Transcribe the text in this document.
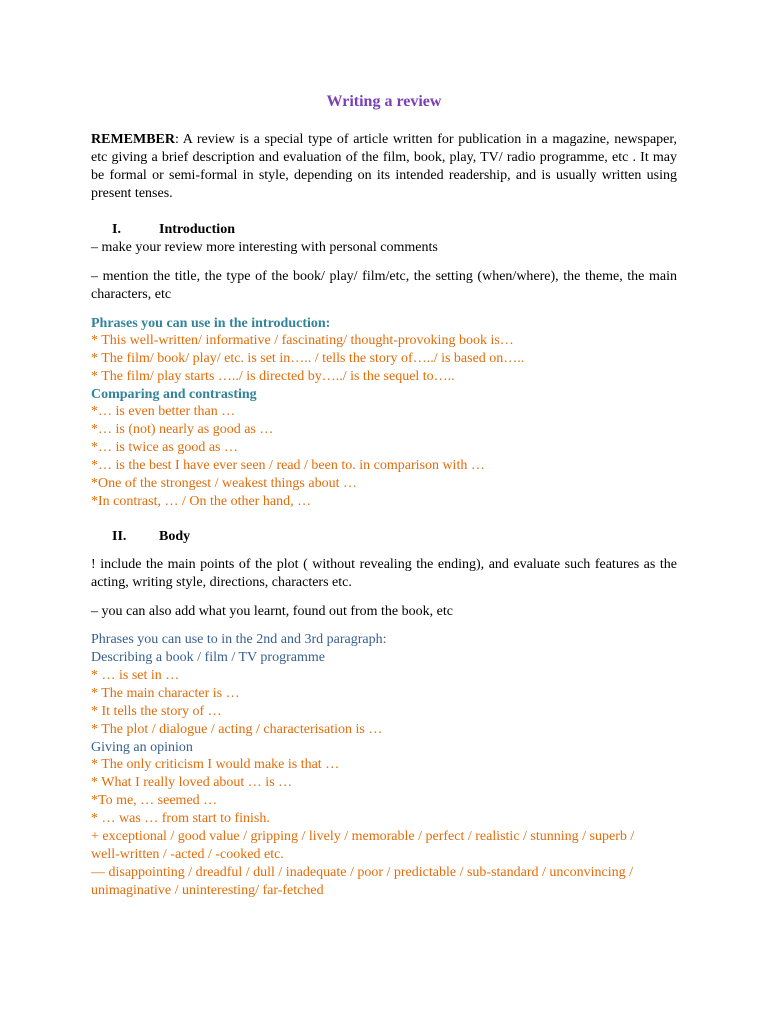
Writing a review

REMEMBER: A review is a special type of article written for publication in a magazine, newspaper, etc giving a brief description and evaluation of the film, book, play, TV/ radio programme, etc . It may be formal or semi-formal in style, depending on its intended readership, and is usually written using present tenses.

I.	Introduction

– make your review more interesting with personal comments

– mention the title, the type of the book/ play/ film/etc, the setting (when/where), the theme, the main characters, etc

Phrases you can use in the introduction:

* This well-written/ informative / fascinating/ thought-provoking book is…
* The film/ book/ play/ etc. is set in….. / tells the story of…../ is based on…..
* The film/ play starts …../ is directed by…../ is the sequel to…..

Comparing and contrasting

*… is even better than …
*… is (not) nearly as good as …
*… is twice as good as …
*… is the best I have ever seen / read / been to. in comparison with …
*One of the strongest / weakest things about …
*In contrast, … / On the other hand, …
II. Body

! include the main points of the plot ( without revealing the ending), and evaluate such features as the acting, writing style, directions, characters etc.

– you can also add what you learnt, found out from the book, etc

Phrases you can use to in the 2nd and 3rd paragraph:

Describing a book / film / TV programme

* … is set in …
* The main character is …
* It tells the story of …
* The plot / dialogue / acting / characterisation is …

Giving an opinion

* The only criticism I would make is that …
* What I really loved about … is …
*To me, … seemed …
* … was … from start to finish.
+ exceptional / good value / gripping / lively / memorable / perfect / realistic / stunning / superb /
well-written / -acted / -cooked etc.
— disappointing / dreadful / dull / inadequate / poor / predictable / sub-standard / unconvincing /
unimaginative / uninteresting/ far-fetched
